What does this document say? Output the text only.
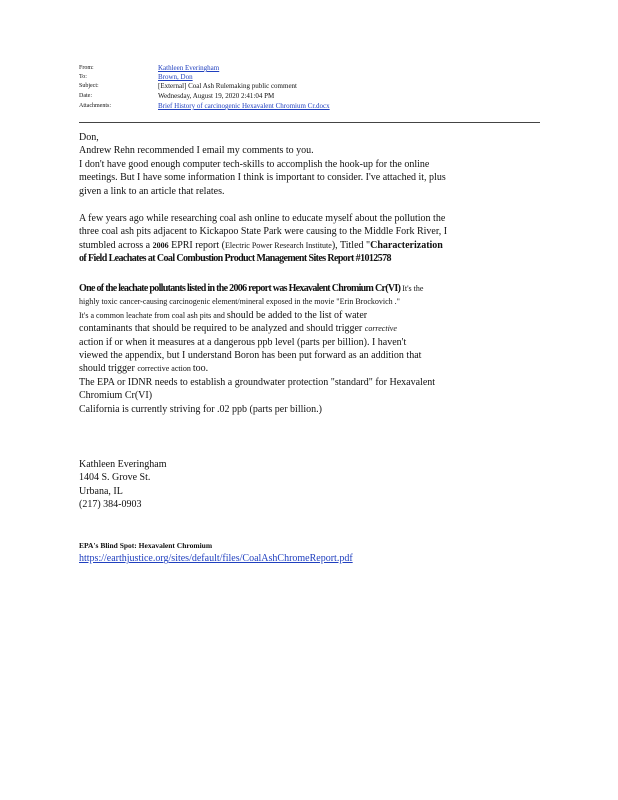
From:	Kathleen Everingham
To:	Brown, Don
Subject:	[External] Coal Ash Rulemaking public comment
Date:	Wednesday, August 19, 2020 2:41:04 PM
Attachments:	Brief History of carcinogenic Hexavalent Chromium Cr.docx
Don,
Andrew Rehn recommended I email my comments to you.
I don't have good enough computer tech-skills to accomplish the hook-up for the online
meetings. But I have some information I think is important to consider. I've attached it, plus
given a link to an article that relates.
A few years ago while researching coal ash online to educate myself about the pollution the
three coal ash pits adjacent to Kickapoo State Park were causing to the Middle Fork River, I
stumbled across a 2006 EPRI report (Electric Power Research Institute), Titled "Characterization
of Field Leachates at Coal Combustion Product Management Sites Report #1012578
One of the leachate pollutants listed in the 2006 report was Hexavalent Chromium Cr(VI) It's the
highly toxic cancer-causing carcinogenic element/mineral exposed in the movie "Erin Brockovich ."
It's a common leachate from coal ash pits and should be added to the list of water
contaminants that should be required to be analyzed and should trigger corrective
action if or when it measures at a dangerous ppb level (parts per billion). I haven't
viewed the appendix, but I understand Boron has been put forward as an addition that
should trigger corrective action too.
The EPA or IDNR needs to establish a groundwater protection "standard" for Hexavalent
Chromium Cr(VI)
California is currently striving for .02 ppb (parts per billion.)
Kathleen Everingham
1404 S. Grove St.
Urbana, IL
(217) 384-0903
EPA's Blind Spot: Hexavalent Chromium
https://earthjustice.org/sites/default/files/CoalAshChromeReport.pdf
